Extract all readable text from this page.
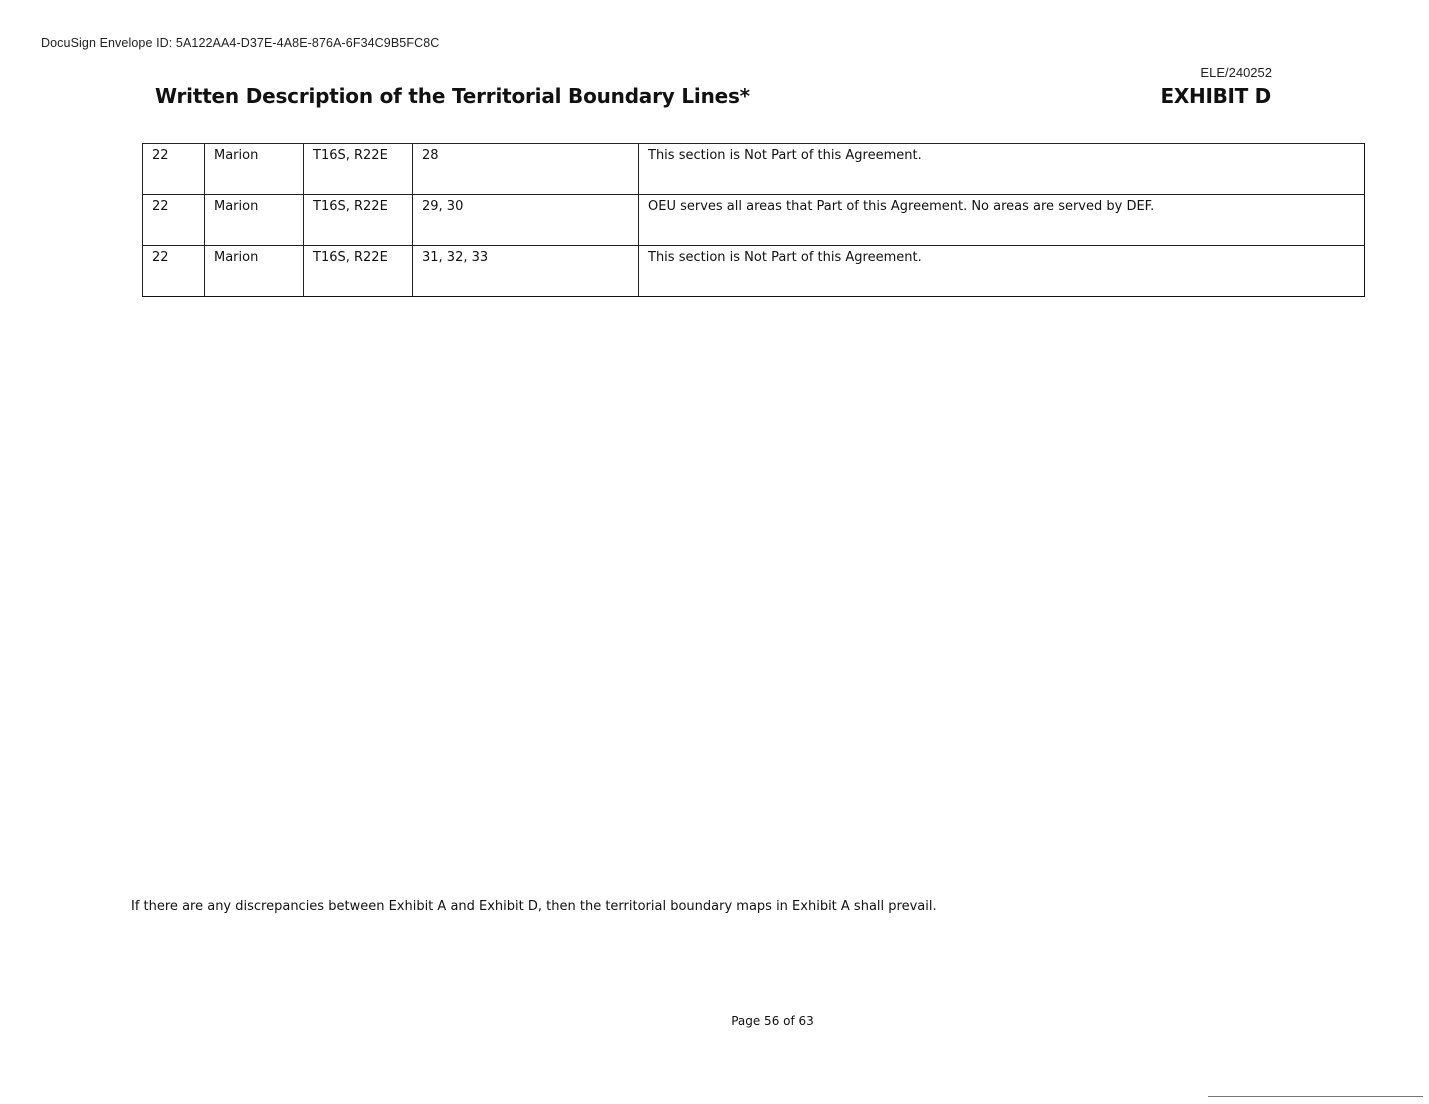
DocuSign Envelope ID: 5A122AA4-D37E-4A8E-876A-6F34C9B5FC8C
ELE/240252
Written Description of the Territorial Boundary Lines*	EXHIBIT D
22	Marion	T16S, R22E	28	This section is Not Part of this Agreement.
22	Marion	T16S, R22E	29, 30	OEU serves all areas that Part of this Agreement. No areas are served by DEF.
22	Marion	T16S, R22E	31, 32, 33	This section is Not Part of this Agreement.
If there are any discrepancies between Exhibit A and Exhibit D, then the territorial boundary maps in Exhibit A shall prevail.
Page 56 of 63
